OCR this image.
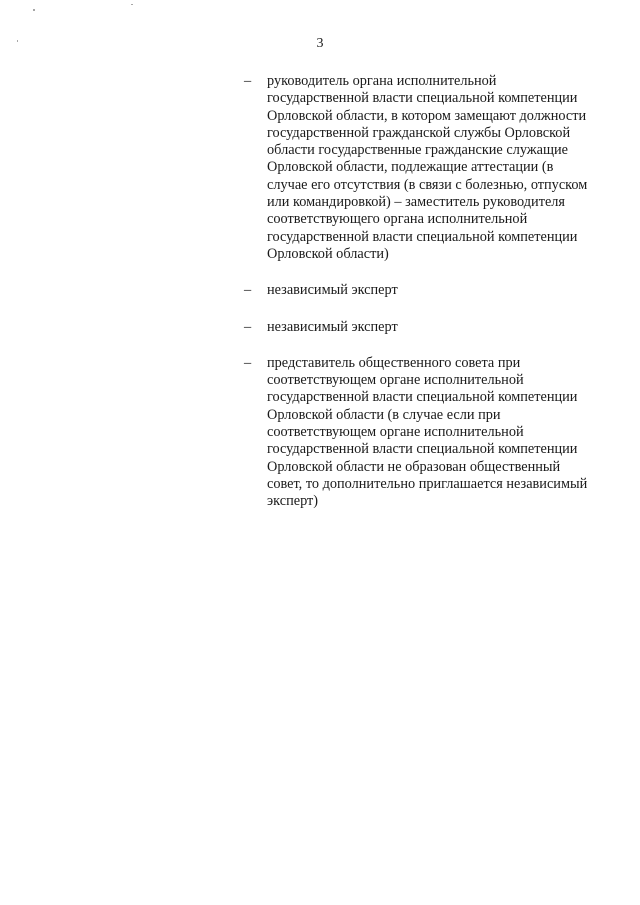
3
– руководитель органа исполнительной государственной власти специальной компетенции Орловской области, в котором замещают должности государственной гражданской службы Орловской области государственные гражданские служащие Орловской области, подлежащие аттестации (в случае его отсутствия (в связи с болезнью, отпуском или командировкой) – заместитель руководителя соответствующего органа исполнительной государственной власти специальной компетенции Орловской области)
– независимый эксперт
– независимый эксперт
– представитель общественного совета при соответствующем органе исполнительной государственной власти специальной компетенции Орловской области (в случае если при соответствующем органе исполнительной государственной власти специальной компетенции Орловской области не образован общественный совет, то дополнительно приглашается независимый эксперт)
